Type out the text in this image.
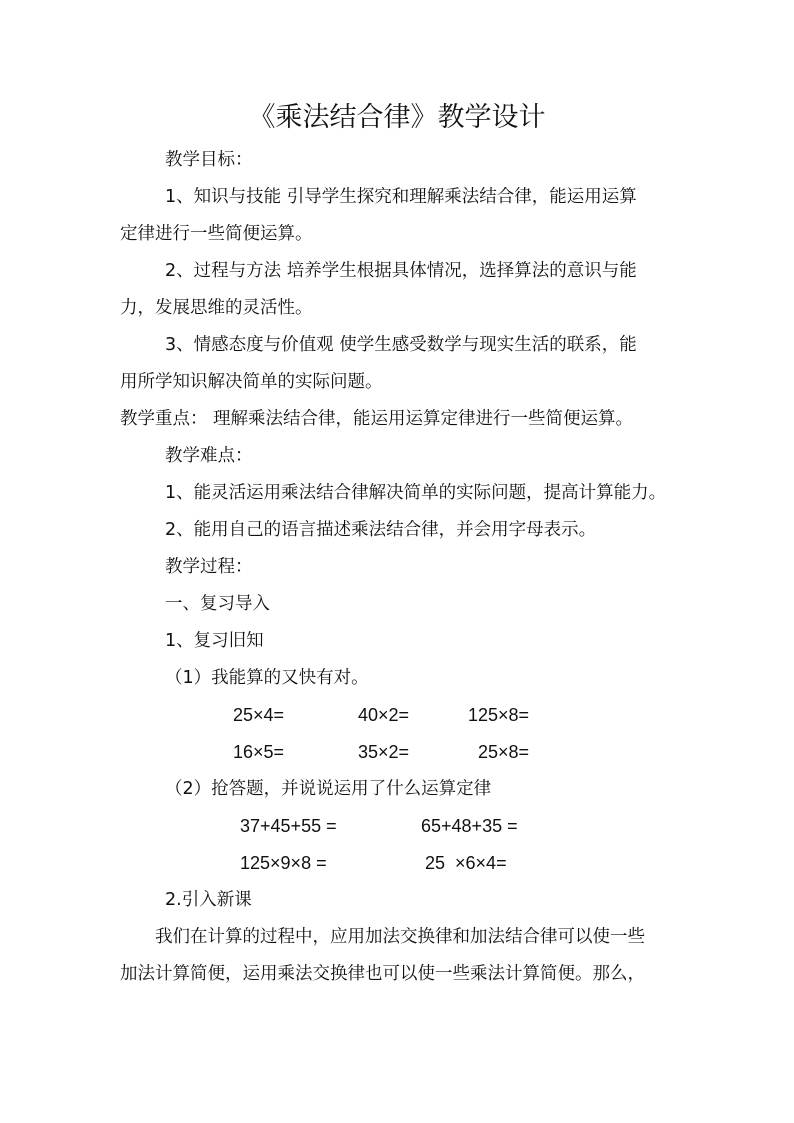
《乘法结合律》教学设计
教学目标：
1、知识与技能 引导学生探究和理解乘法结合律，能运用运算
定律进行一些简便运算。
2、过程与方法 培养学生根据具体情况，选择算法的意识与能
力，发展思维的灵活性。
3、情感态度与价值观 使学生感受数学与现实生活的联系，能
用所学知识解决简单的实际问题。
教学重点： 理解乘法结合律，能运用运算定律进行一些简便运算。
教学难点：
1、能灵活运用乘法结合律解决简单的实际问题，提高计算能力。
2、能用自己的语言描述乘法结合律，并会用字母表示。
教学过程：
一、复习导入
1、复习旧知
（1）我能算的又快有对。
25×4=	40×2=	125×8=
16×5=	35×2=	25×8=
（2）抢答题，并说说运用了什么运算定律
37+45+55 =	65+48+35 =
125×9×8 =	25  ×6×4=
2.引入新课
我们在计算的过程中，应用加法交换律和加法结合律可以使一些
加法计算简便，运用乘法交换律也可以使一些乘法计算简便。那么，
